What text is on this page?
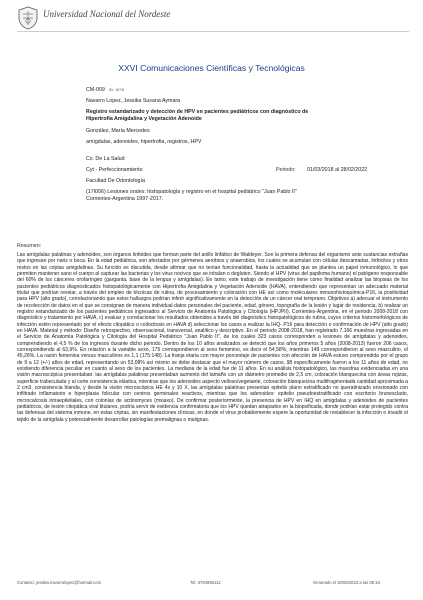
Universidad Nacional del Nordeste
XXVI Comunicaciones Científicas y Tecnológicas
CM-009 ID: 1876
Navarro Lopez, Jessika Susana Aymara
Registro estandarizado y detección de HPV en pacientes pediátricos con diagnóstico de Hipertrofia Amigdalina y Vegetación Adenoide
González, María Mercedes
amígdalas, adenoides, hipertrofia, registros, HPV
Cs. De La Salud
Cyt - Perfeccionamiento	Periodo: 01/03/2018 al 28/02/2022
Facultad De Odontología
(17I006) Lesiones orales: histopatología y registro en el hospital pediátrico "Juan Pablo II" Corrientes-Argentina 1997-2017.
Resumen:
Las amígdalas palatinas y adenoides, son órganos linfoides que forman parte del anillo linfático de Waldeyer. Son la primera defensa del organismo ante sustancias extrañas que ingresan por nariz o boca. En la edad pediátrica, son afectados por gérmenes aerobios y anaerobios, los cuales se acumulan con células descamadas, linfocitos y otros restos en las criptas amigdalinas. Su función es discutida, desde afirmar que no tenían funcionalidad, hasta la actualidad que se plantea un papel inmunológico, lo que permiten mantener sano el cuerpo al capturar las bacterias y los virus nocivos que se inhalan o degluten. Siendo el HPV (virus del papiloma humano) el patógeno responsable del 60% de los cánceres orofaríngeo (garganta, base de la lengua y amígdalas). En tanto, este trabajo de investigación tiene como finalidad analizar las biopsias de los pacientes pediátricos diagnosticados histopatológicamente con Hipertrofia Amigdalina y Vegetación Adenoide (HAVA), entendiendo que representan un adecuado material titular que podrían revelar, a través del empleo de técnicas de rutina, de procesamiento y coloración con HE así como moléculares inmunohistoquímica-P16, la positividad para HPV (alto grado), correlacionando que estos hallazgos podrían inferir significativamente en la detección de un cáncer oral temprano. Objetivos a) adecuar el instrumento de recolección de datos en el que se consignan de manera individual datos personales del paciente, edad, género, topografía de la lesión y lugar de residencia, b) realizar un registro estandarizado de los pacientes pediátricos ingresados al Servicio de Anatomía Patológica y Citología (HPJPII), Corrientes-Argentina, en el periodo 2008-2018 con diagnóstico y tratamiento por HAVA, c) evaluar y correlacionar los resultados obtenidos a través del diagnóstico histopatológicos de rutina, cuyos criterios histomorfológicos de infección estén representado por el efecto citopático o coilocitosis en HAVA d) seleccionar los casos a realizar la IHQ- P16 para detección o confirmación de HPV (alto grado) en HAVA. Material y método: Diseño retrospectivo, observacional, transversal, analítico y descriptivo. En el periodo 2008-2018, han registrado 7.166 muestras ingresadas en el Servicio de Anatomía Patológica y Citología del Hospital Pediátrico "Juan Pablo II", de los cuales 323 casos corresponden a lesiones de amígdalas y adenoides, comprendiendo el 4,5 % de los ingresos durante dicho periodo. Dentro de los 10 años analizados se detectó que los años primeros 5 años (2008-2013) fueron 206 casos, correspondiendo al 63,9%. En relación a la variable sexo, 175 correspondieron al sexo femenino, es decir el 54,58%, mientras 148 correspondieron al sexo masculino, el 45,26%. La razón femenina versus masculinos es 1,1 (175:148). La franja etaria con mayor porcentaje de pacientes con afección de HAVA estuvo comprendida por el grupo de 9 a 12 (+/-) años de edad, representando un 53,08% así mismo se debe destacar que el mayor número de casos, 98 específicamente fueron a los 11 años de edad, no existiendo diferencia peculiar en cuanto al sexo de los pacientes. La mediana de la edad fue de 11 años. En su análisis histopatológico, las muestras evidenciadas en una visión macroscópica presentaban: las amígdalas palatinas presentaban aumento del tamaño con un diámetro promedio de 2,5 cm, coloración blanquecina con áreas rojizas, superficie trabeculada y al corte consistencia elástica, mientras que los adenoides aspecto velloso/vegetante, coloración blanquecina multifragmentada cantidad aproximada a 2 cm3, consistencia blanda, y desde la visión microscópica HE 4x y 10 X, las amígdalas palatinas presentan epitelio plano estratificado no queratinizado erosionado con infiltrado inflamatorio e hiperplasia folicular con centros germinales reactivos, mientras que los adenoides: epitelio pseudoestratificado con escritorio brunesclado, microcalcosis intraepiteliales, con colonias de actinomyces (mxiaxo). De confirmar posteriormente, la presencia de HPV en IHQ en amígdalas y adenoides de pacientes pediátricos, de lesión citopática viral titulares, podría servir de evidencia confirmatoria que los HPV quedan atrapados en la biopsificada, donde podrían estar protegido contra las defensas del sistema inmune, en estas criptas, sin manifestaciones clínicas, en donde el virus probablemente espere la oportunidad de restablecer la infección o invadir el tejido de la amígdala y potencialmente desarrollar patologías premalignas o malignas.
Contacto: jessika.navarrolopez@hotmail.com	Tel: 3794696112	Generado el 30/06/2023 a las 08:18
